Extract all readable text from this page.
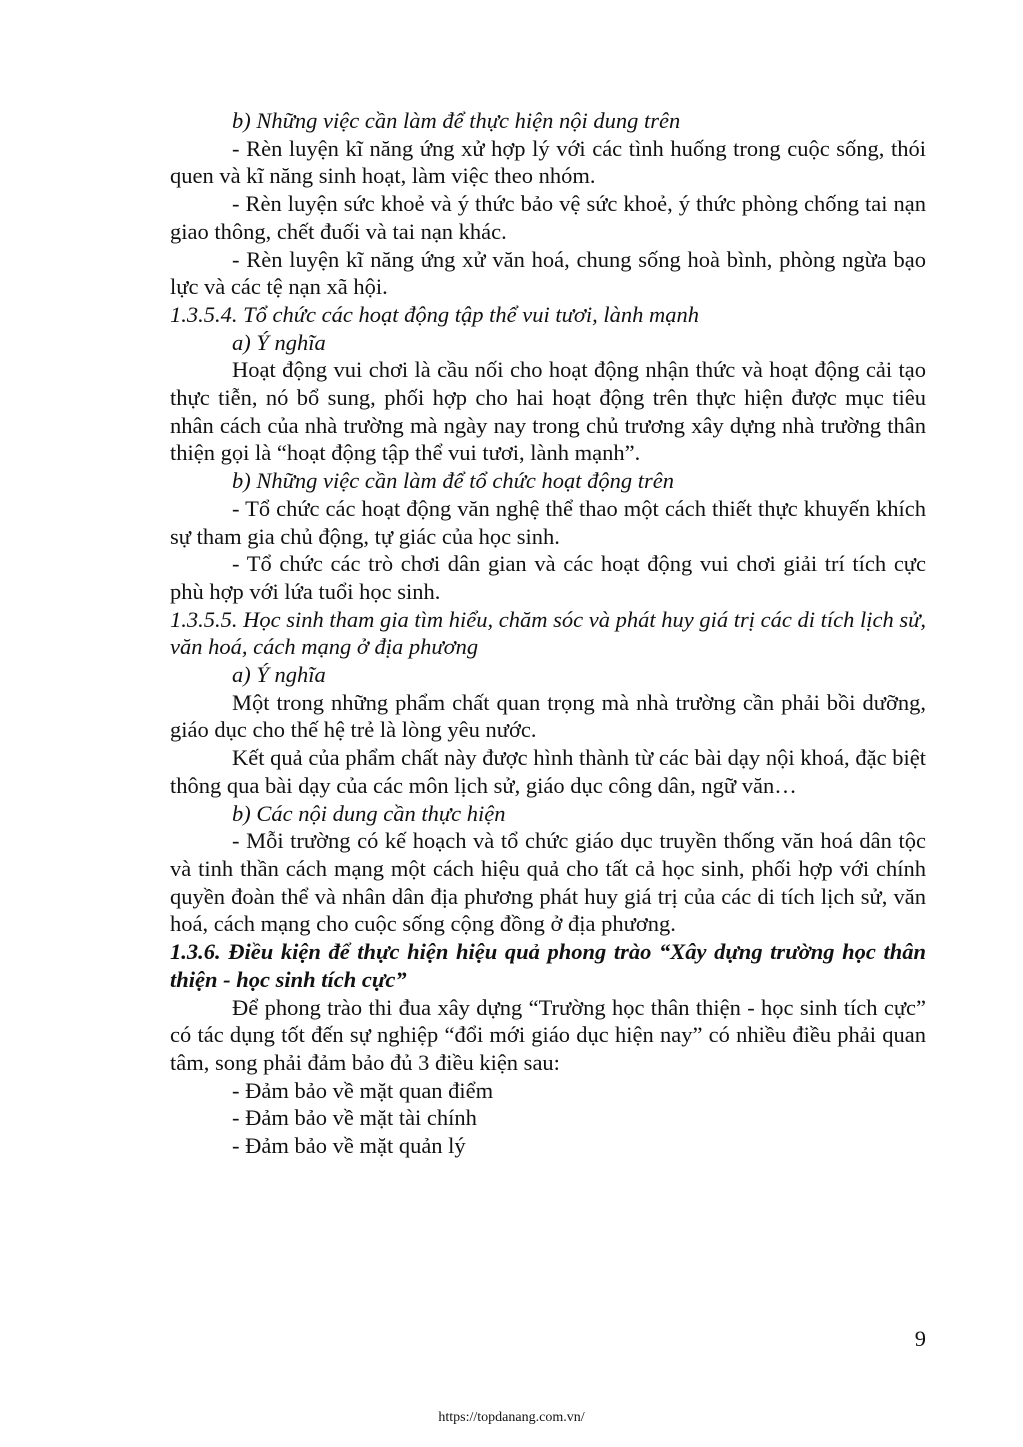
b) Những việc cần làm để thực hiện nội dung trên

- Rèn luyện kĩ năng ứng xử hợp lý với các tình huống trong cuộc sống, thói quen và kĩ năng sinh hoạt, làm việc theo nhóm.

- Rèn luyện sức khoẻ và ý thức bảo vệ sức khoẻ, ý thức phòng chống tai nạn giao thông, chết đuối và tai nạn khác.

- Rèn luyện kĩ năng ứng xử văn hoá, chung sống hoà bình, phòng ngừa bạo lực và các tệ nạn xã hội.

1.3.5.4. Tổ chức các hoạt động tập thể vui tươi, lành mạnh

a) Ý nghĩa

Hoạt động vui chơi là cầu nối cho hoạt động nhận thức và hoạt động cải tạo thực tiễn, nó bổ sung, phối hợp cho hai hoạt động trên thực hiện được mục tiêu nhân cách của nhà trường mà ngày nay trong chủ trương xây dựng nhà trường thân thiện gọi là “hoạt động tập thể vui tươi, lành mạnh”.

b) Những việc cần làm để tổ chức hoạt động trên

- Tổ chức các hoạt động văn nghệ thể thao một cách thiết thực khuyến khích sự tham gia chủ động, tự giác của học sinh.

- Tổ chức các trò chơi dân gian và các hoạt động vui chơi giải trí tích cực phù hợp với lứa tuổi học sinh.

1.3.5.5. Học sinh tham gia tìm hiểu, chăm sóc và phát huy giá trị các di tích lịch sử, văn hoá, cách mạng ở địa phương

a) Ý nghĩa

Một trong những phẩm chất quan trọng mà nhà trường cần phải bồi dưỡng, giáo dục cho thế hệ trẻ là lòng yêu nước.

Kết quả của phẩm chất này được hình thành từ các bài dạy nội khoá, đặc biệt thông qua bài dạy của các môn lịch sử, giáo dục công dân, ngữ văn…

b) Các nội dung cần thực hiện

- Mỗi trường có kế hoạch và tổ chức giáo dục truyền thống văn hoá dân tộc và tinh thần cách mạng một cách hiệu quả cho tất cả học sinh, phối hợp với chính quyền đoàn thể và nhân dân địa phương phát huy giá trị của các di tích lịch sử, văn hoá, cách mạng cho cuộc sống cộng đồng ở địa phương.

1.3.6. Điều kiện để thực hiện hiệu quả phong trào “Xây dựng trường học thân thiện - học sinh tích cực”

Để phong trào thi đua xây dựng “Trường học thân thiện - học sinh tích cực” có tác dụng tốt đến sự nghiệp “đổi mới giáo dục hiện nay” có nhiều điều phải quan tâm, song phải đảm bảo đủ 3 điều kiện sau:

- Đảm bảo về mặt quan điểm

- Đảm bảo về mặt tài chính

- Đảm bảo về mặt quản lý

9
https://topdanang.com.vn/
